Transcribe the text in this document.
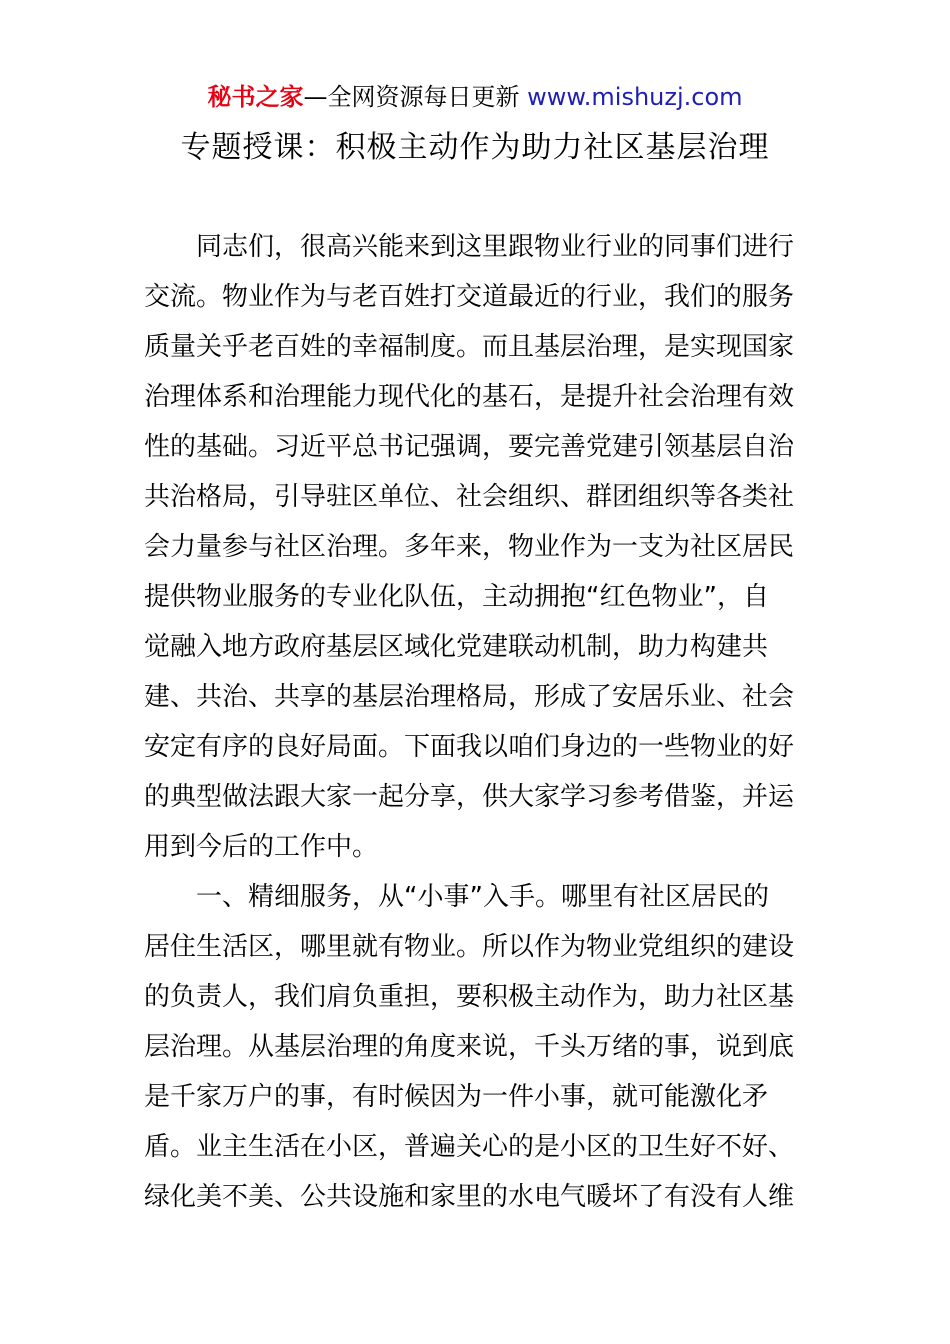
秘书之家—全网资源每日更新 www.mishuzj.com
专题授课：积极主动作为助力社区基层治理
　　同志们，很高兴能来到这里跟物业行业的同事们进行
交流。物业作为与老百姓打交道最近的行业，我们的服务
质量关乎老百姓的幸福制度。而且基层治理，是实现国家
治理体系和治理能力现代化的基石，是提升社会治理有效
性的基础。习近平总书记强调，要完善党建引领基层自治
共治格局，引导驻区单位、社会组织、群团组织等各类社
会力量参与社区治理。多年来，物业作为一支为社区居民
提供物业服务的专业化队伍，主动拥抱“红色物业”，自
觉融入地方政府基层区域化党建联动机制，助力构建共
建、共治、共享的基层治理格局，形成了安居乐业、社会
安定有序的良好局面。下面我以咱们身边的一些物业的好
的典型做法跟大家一起分享，供大家学习参考借鉴，并运
用到今后的工作中。
　　一、精细服务，从“小事”入手。哪里有社区居民的
居住生活区，哪里就有物业。所以作为物业党组织的建设
的负责人，我们肩负重担，要积极主动作为，助力社区基
层治理。从基层治理的角度来说，千头万绪的事，说到底
是千家万户的事，有时候因为一件小事，就可能激化矛
盾。业主生活在小区，普遍关心的是小区的卫生好不好、
绿化美不美、公共设施和家里的水电气暖坏了有没有人维
